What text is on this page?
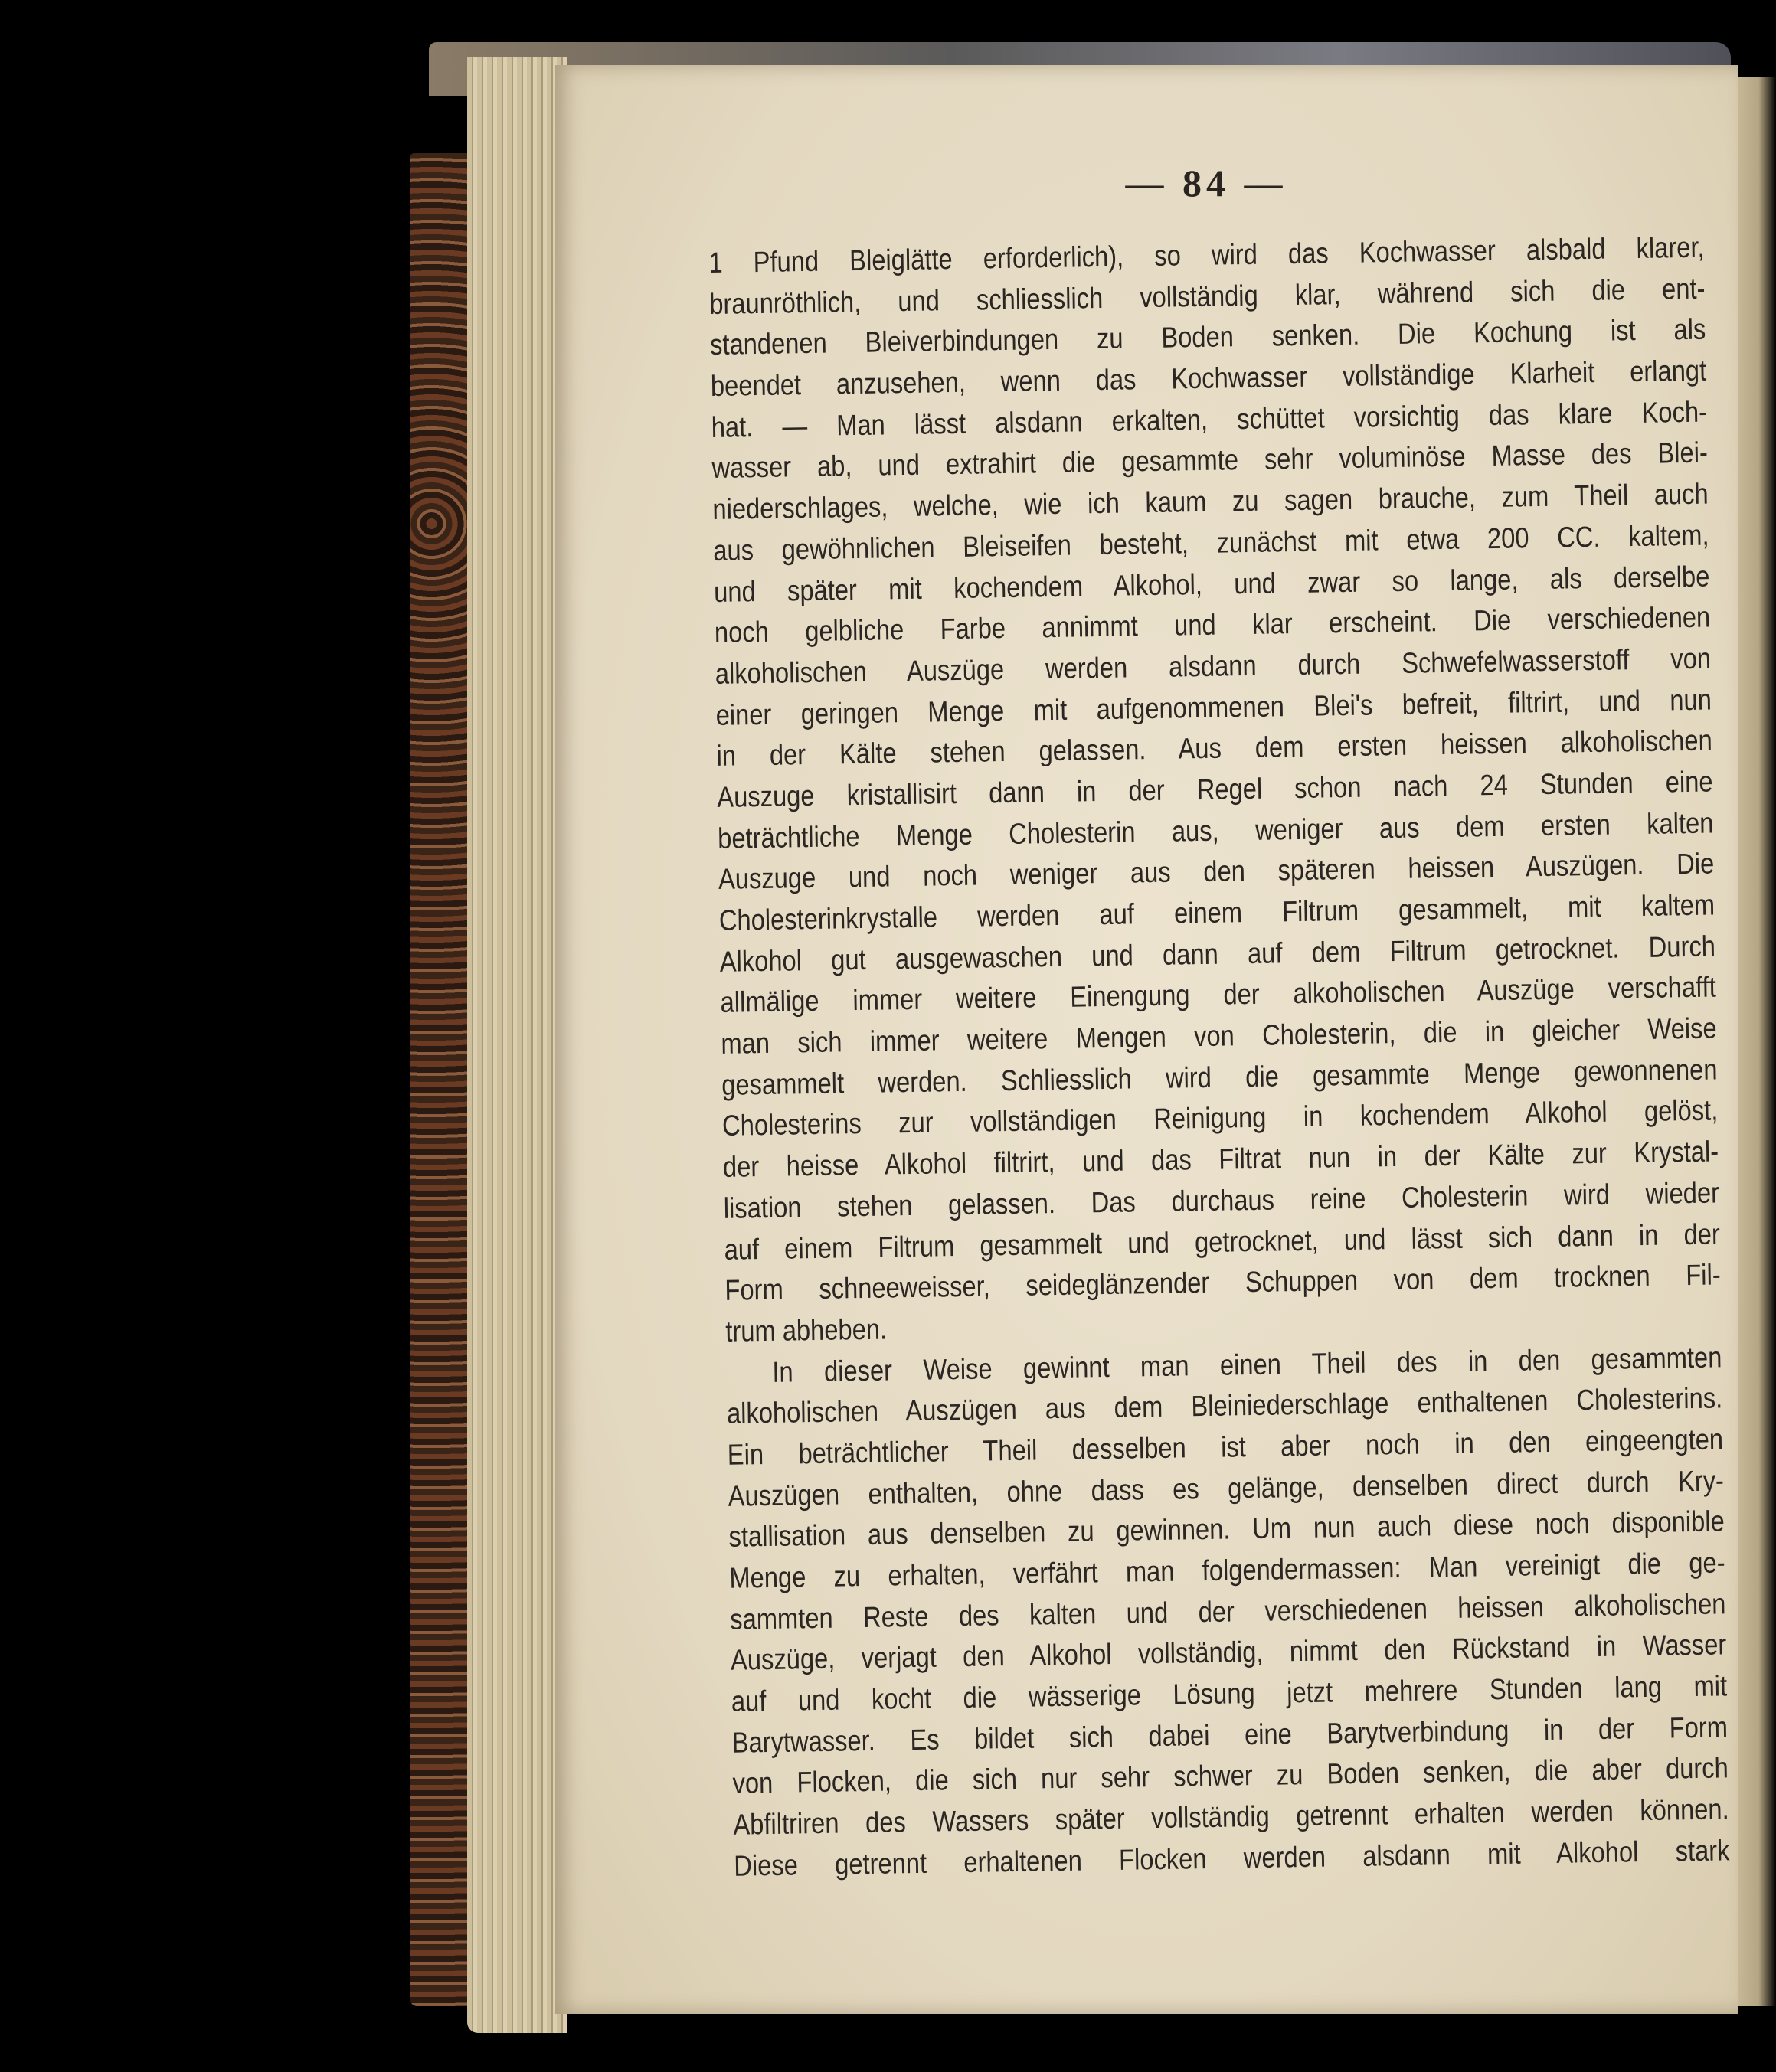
— 84 —
1 Pfund Bleiglätte erforderlich), so wird das Kochwasser alsbald klarer,
braunröthlich, und schliesslich vollständig klar, während sich die ent-
standenen Bleiverbindungen zu Boden senken. Die Kochung ist als
beendet anzusehen, wenn das Kochwasser vollständige Klarheit erlangt
hat. — Man lässt alsdann erkalten, schüttet vorsichtig das klare Koch-
wasser ab, und extrahirt die gesammte sehr voluminöse Masse des Blei-
niederschlages, welche, wie ich kaum zu sagen brauche, zum Theil auch
aus gewöhnlichen Bleiseifen besteht, zunächst mit etwa 200 CC. kaltem,
und später mit kochendem Alkohol, und zwar so lange, als derselbe
noch gelbliche Farbe annimmt und klar erscheint. Die verschiedenen
alkoholischen Auszüge werden alsdann durch Schwefelwasserstoff von
einer geringen Menge mit aufgenommenen Blei's befreit, filtrirt, und nun
in der Kälte stehen gelassen. Aus dem ersten heissen alkoholischen
Auszuge kristallisirt dann in der Regel schon nach 24 Stunden eine
beträchtliche Menge Cholesterin aus, weniger aus dem ersten kalten
Auszuge und noch weniger aus den späteren heissen Auszügen. Die
Cholesterinkrystalle werden auf einem Filtrum gesammelt, mit kaltem
Alkohol gut ausgewaschen und dann auf dem Filtrum getrocknet. Durch
allmälige immer weitere Einengung der alkoholischen Auszüge verschafft
man sich immer weitere Mengen von Cholesterin, die in gleicher Weise
gesammelt werden. Schliesslich wird die gesammte Menge gewonnenen
Cholesterins zur vollständigen Reinigung in kochendem Alkohol gelöst,
der heisse Alkohol filtrirt, und das Filtrat nun in der Kälte zur Krystal-
lisation stehen gelassen. Das durchaus reine Cholesterin wird wieder
auf einem Filtrum gesammelt und getrocknet, und lässt sich dann in der
Form schneeweisser, seideglänzender Schuppen von dem trocknen Fil-
trum abheben.
In dieser Weise gewinnt man einen Theil des in den gesammten
alkoholischen Auszügen aus dem Bleiniederschlage enthaltenen Cholesterins.
Ein beträchtlicher Theil desselben ist aber noch in den eingeengten
Auszügen enthalten, ohne dass es gelänge, denselben direct durch Kry-
stallisation aus denselben zu gewinnen. Um nun auch diese noch disponible
Menge zu erhalten, verfährt man folgendermassen: Man vereinigt die ge-
sammten Reste des kalten und der verschiedenen heissen alkoholischen
Auszüge, verjagt den Alkohol vollständig, nimmt den Rückstand in Wasser
auf und kocht die wässerige Lösung jetzt mehrere Stunden lang mit
Barytwasser. Es bildet sich dabei eine Barytverbindung in der Form
von Flocken, die sich nur sehr schwer zu Boden senken, die aber durch
Abfiltriren des Wassers später vollständig getrennt erhalten werden können.
Diese getrennt erhaltenen Flocken werden alsdann mit Alkohol stark
